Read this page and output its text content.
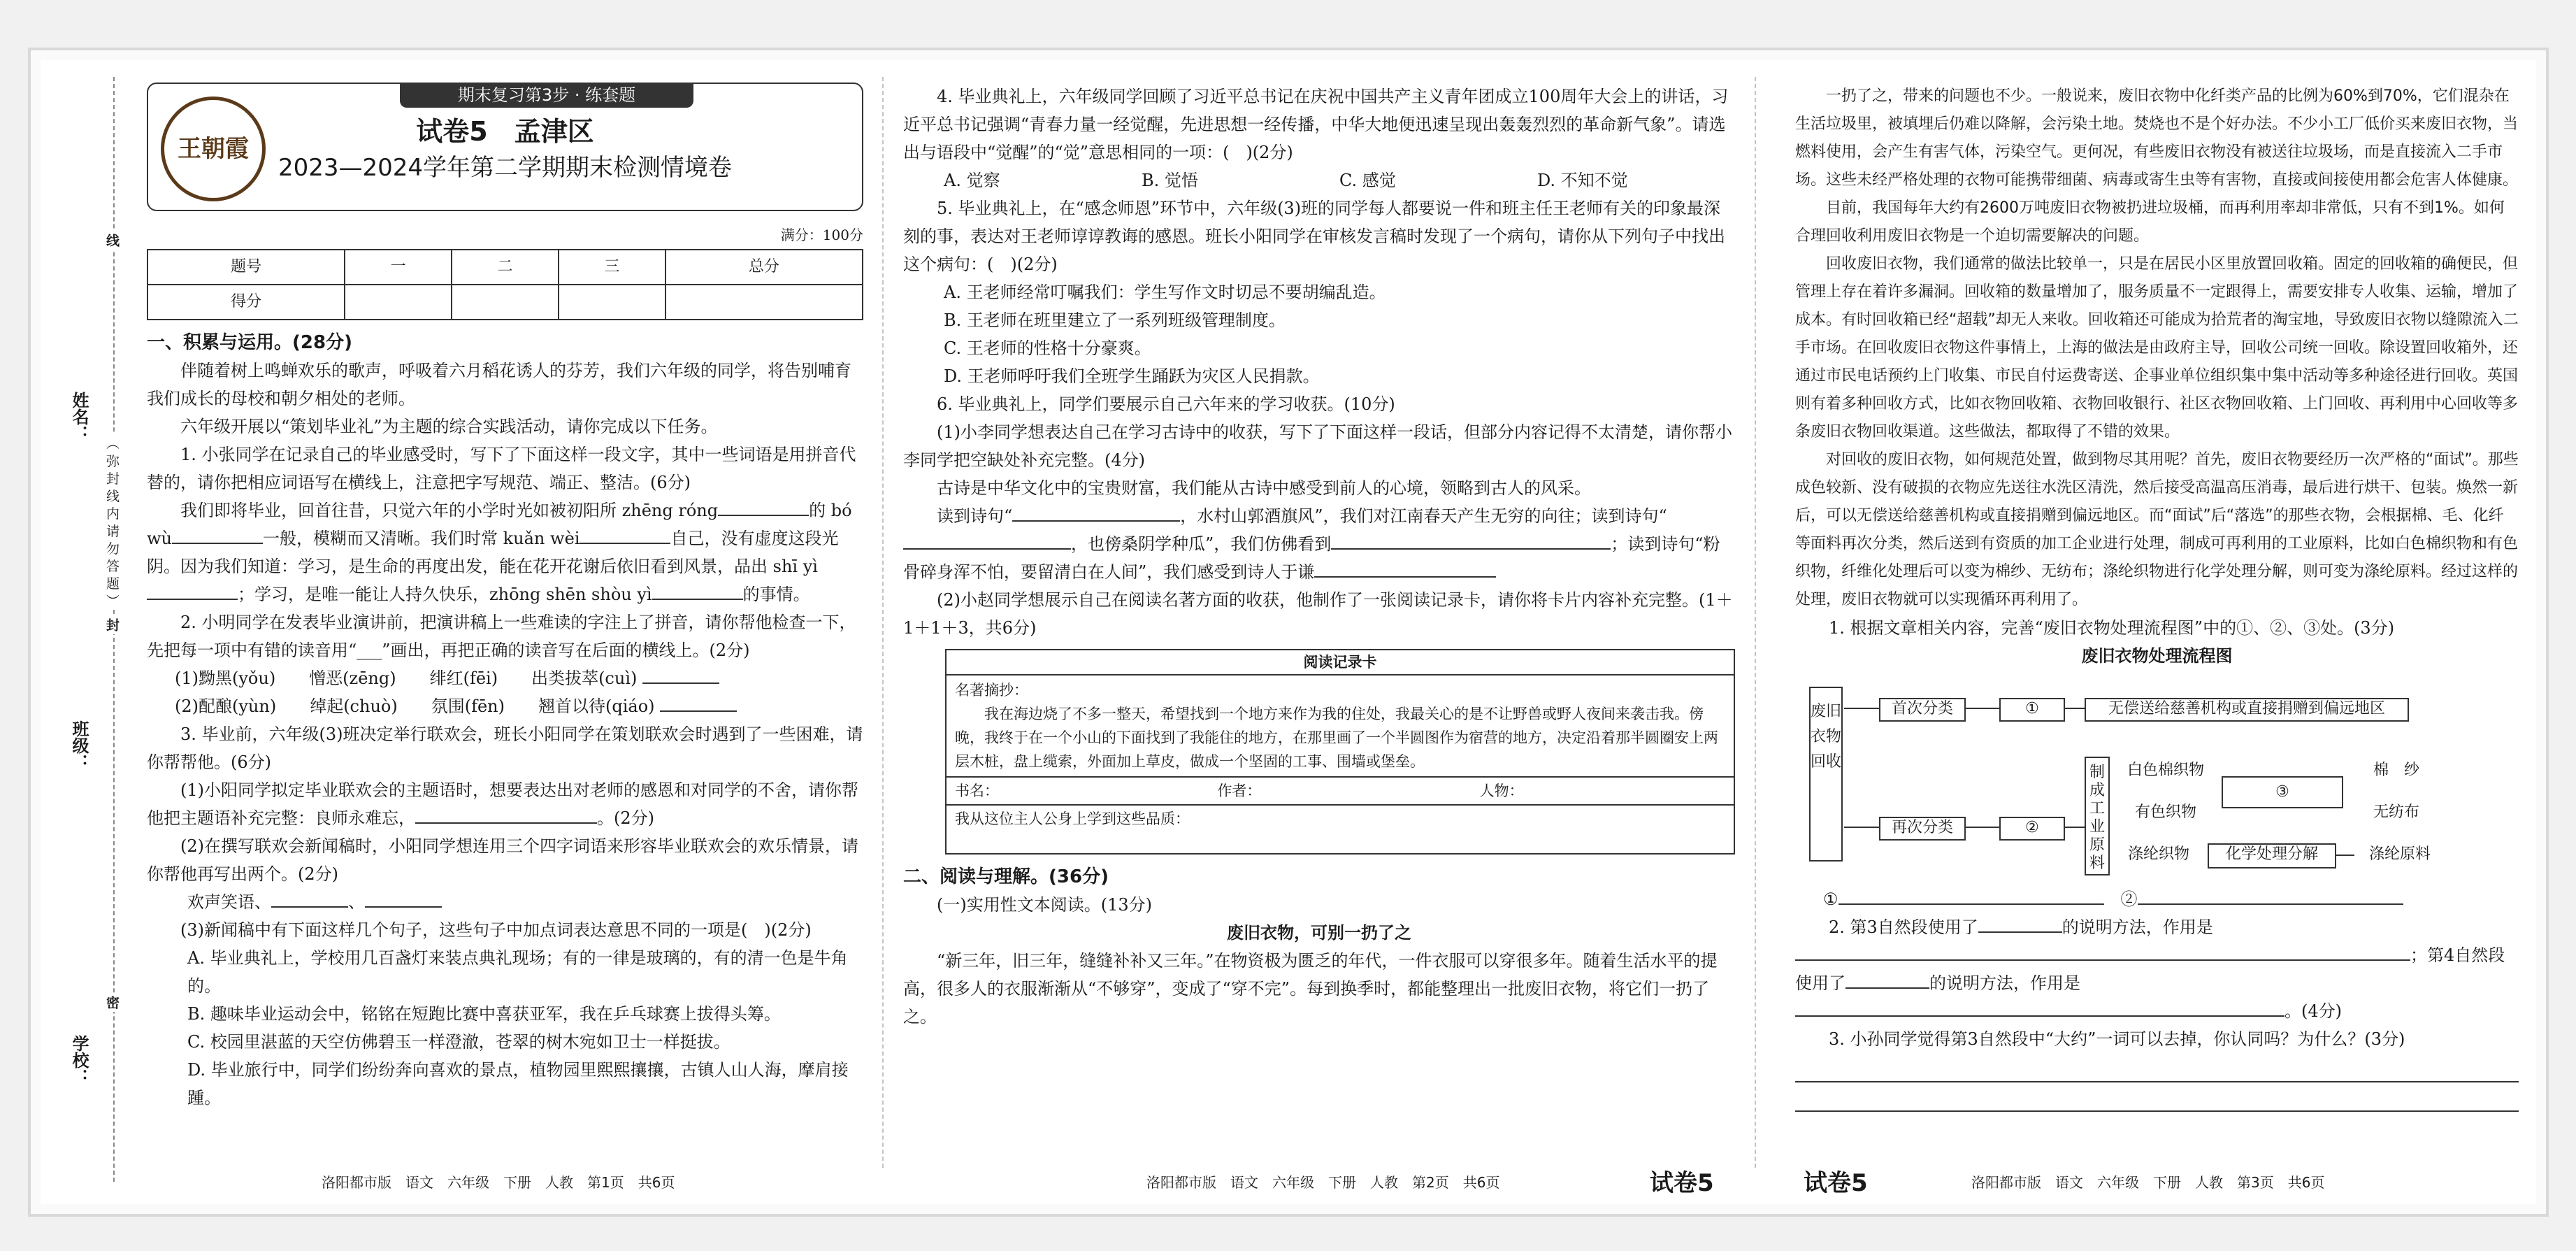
姓名：
班级：
学校：
（ 弥 封 线 内 请 勿 答 题 ）
线
封
密
王朝霞
期末复习第3步 · 练套题
试卷5　孟津区
2023—2024学年第二学期期末检测情境卷

满分：100分

题号	一	二	三	总分
得分				

一、积累与运用。(28分)

伴随着树上鸣蝉欢乐的歌声，呼吸着六月稻花诱人的芬芳，我们六年级的同学，将告别哺育我们成长的母校和朝夕相处的老师。

六年级开展以“策划毕业礼”为主题的综合实践活动，请你完成以下任务。

1. 小张同学在记录自己的毕业感受时，写下了下面这样一段文字，其中一些词语是用拼音代替的，请你把相应词语写在横线上，注意把字写规范、端正、整洁。(6分)

我们即将毕业，回首往昔，只觉六年的小学时光如被初阳所 zhēng róng	的 bó wù	一般，模糊而又清晰。我们时常 kuǎn wèi	自己，没有虚度这段光阴。因为我们知道：学习，是生命的再度出发，能在花开花谢后依旧看到风景，品出 shī yì；学习，是唯一能让人持久快乐，zhōng shēn shòu yì	的事情。

2. 小明同学在发表毕业演讲前，把演讲稿上一些难读的字注上了拼音，请你帮他检查一下，先把每一项中有错的读音用“___”画出，再把正确的读音写在后面的横线上。(2分)

(1)黝黑(yǒu)　　憎恶(zēng)　　绯红(fēi)　　出类拔萃(cuì)

(2)配酿(yùn)　　绰起(chuò)　　氛围(fēn)　　翘首以待(qiáo)

3. 毕业前，六年级(3)班决定举行联欢会，班长小阳同学在策划联欢会时遇到了一些困难，请你帮帮他。(6分)

(1)小阳同学拟定毕业联欢会的主题语时，想要表达出对老师的感恩和对同学的不舍，请你帮他把主题语补充完整：良师永难忘，	。(2分)

(2)在撰写联欢会新闻稿时，小阳同学想连用三个四字词语来形容毕业联欢会的欢乐情景，请你帮他再写出两个。(2分)

欢声笑语、	、

(3)新闻稿中有下面这样几个句子，这些句子中加点词表达意思不同的一项是(　)(2分)

A. 毕业典礼上，学校用几百盏灯来装点典礼现场；有的一律是玻璃的，有的清一色是牛角的。

B. 趣味毕业运动会中，铭铭在短跑比赛中喜获亚军，我在乒乓球赛上拔得头筹。

C. 校园里湛蓝的天空仿佛碧玉一样澄澈，苍翠的树木宛如卫士一样挺拔。

D. 毕业旅行中，同学们纷纷奔向喜欢的景点，植物园里熙熙攘攘，古镇人山人海，摩肩接踵。

洛阳都市版　语文　六年级　下册　人教　第1页　共6页

4. 毕业典礼上，六年级同学回顾了习近平总书记在庆祝中国共产主义青年团成立100周年大会上的讲话，习近平总书记强调“青春力量一经觉醒，先进思想一经传播，中华大地便迅速呈现出轰轰烈烈的革命新气象”。请选出与语段中“觉醒”的“觉”意思相同的一项：(　)(2分)

A. 觉察	B. 觉悟	C. 感觉	D. 不知不觉

5. 毕业典礼上，在“感念师恩”环节中，六年级(3)班的同学每人都要说一件和班主任王老师有关的印象最深刻的事，表达对王老师谆谆教诲的感恩。班长小阳同学在审核发言稿时发现了一个病句，请你从下列句子中找出这个病句：(　)(2分)

A. 王老师经常叮嘱我们：学生写作文时切忌不要胡编乱造。

B. 王老师在班里建立了一系列班级管理制度。

C. 王老师的性格十分豪爽。

D. 王老师呼吁我们全班学生踊跃为灾区人民捐款。

6. 毕业典礼上，同学们要展示自己六年来的学习收获。(10分)

(1)小李同学想表达自己在学习古诗中的收获，写下了下面这样一段话，但部分内容记得不太清楚，请你帮小李同学把空缺处补充完整。(4分)

古诗是中华文化中的宝贵财富，我们能从古诗中感受到前人的心境，领略到古人的风采。

读到诗句“	，水村山郭酒旗风”，我们对江南春天产生无穷的向往；读到诗句“，也傍桑阴学种瓜”，我们仿佛看到	；读到诗句“粉骨碎身浑不怕，要留清白在人间”，我们感受到诗人于谦

(2)小赵同学想展示自己在阅读名著方面的收获，他制作了一张阅读记录卡，请你将卡片内容补充完整。(1＋1＋1＋3，共6分)

阅读记录卡
名著摘抄：
我在海边烧了不多一整天，希望找到一个地方来作为我的住处，我最关心的是不让野兽或野人夜间来袭击我。傍晚，我终于在一个小山的下面找到了我能住的地方，在那里画了一个半圆图作为宿营的地方，决定沿着那半圆圈安上两层木桩，盘上缆索，外面加上草皮，做成一个坚固的工事、围墙或堡垒。
书名：	作者：	人物：
我从这位主人公身上学到这些品质：

二、阅读与理解。(36分)

(一)实用性文本阅读。(13分)

废旧衣物，可别一扔了之

“新三年，旧三年，缝缝补补又三年。”在物资极为匮乏的年代，一件衣服可以穿很多年。随着生活水平的提高，很多人的衣服渐渐从“不够穿”，变成了“穿不完”。每到换季时，都能整理出一批废旧衣物，将它们一扔了之。

洛阳都市版　语文　六年级　下册　人教　第2页　共6页	试卷5

一扔了之，带来的问题也不少。一般说来，废旧衣物中化纤类产品的比例为60%到70%，它们混杂在生活垃圾里，被填埋后仍难以降解，会污染土地。焚烧也不是个好办法。不少小工厂低价买来废旧衣物，当燃料使用，会产生有害气体，污染空气。更何况，有些废旧衣物没有被送往垃圾场，而是直接流入二手市场。这些未经严格处理的衣物可能携带细菌、病毒或寄生虫等有害物，直接或间接使用都会危害人体健康。

目前，我国每年大约有2600万吨废旧衣物被扔进垃圾桶，而再利用率却非常低，只有不到1%。如何合理回收利用废旧衣物是一个迫切需要解决的问题。

回收废旧衣物，我们通常的做法比较单一，只是在居民小区里放置回收箱。固定的回收箱的确便民，但管理上存在着许多漏洞。回收箱的数量增加了，服务质量不一定跟得上，需要安排专人收集、运输，增加了成本。有时回收箱已经“超载”却无人来收。回收箱还可能成为拾荒者的淘宝地，导致废旧衣物以缝隙流入二手市场。在回收废旧衣物这件事情上，上海的做法是由政府主导，回收公司统一回收。除设置回收箱外，还通过市民电话预约上门收集、市民自付运费寄送、企事业单位组织集中集中活动等多种途径进行回收。英国则有着多种回收方式，比如衣物回收箱、衣物回收银行、社区衣物回收箱、上门回收、再利用中心回收等多条废旧衣物回收渠道。这些做法，都取得了不错的效果。

对回收的废旧衣物，如何规范处置，做到物尽其用呢？首先，废旧衣物要经历一次严格的“面试”。那些成色较新、没有破损的衣物应先送往水洗区清洗，然后接受高温高压消毒，最后进行烘干、包装。焕然一新后，可以无偿送给慈善机构或直接捐赠到偏远地区。而“面试”后“落选”的那些衣物，会根据棉、毛、化纤等面料再次分类，然后送到有资质的加工企业进行处理，制成可再利用的工业原料，比如白色棉织物和有色织物，纤维化处理后可以变为棉纱、无纺布；涤纶织物进行化学处理分解，则可变为涤纶原料。经过这样的处理，废旧衣物就可以实现循环再利用了。

1. 根据文章相关内容，完善“废旧衣物处理流程图”中的①、②、③处。(3分)

废旧衣物处理流程图

废旧衣物回收
首次分类	①	无偿送给慈善机构或直接捐赠到偏远地区
再次分类	②
制成工业原料
白色棉织物
有色织物
③
涤纶织物	化学处理分解
棉　纱
无纺布
涤纶原料

①　	②

2. 第3自然段使用了	的说明方法，作用是；第4自然段使用了	的说明方法，作用是。(4分)

3. 小孙同学觉得第3自然段中“大约”一词可以去掉，你认同吗？为什么？(3分)

试卷5	洛阳都市版　语文　六年级　下册　人教　第3页　共6页
